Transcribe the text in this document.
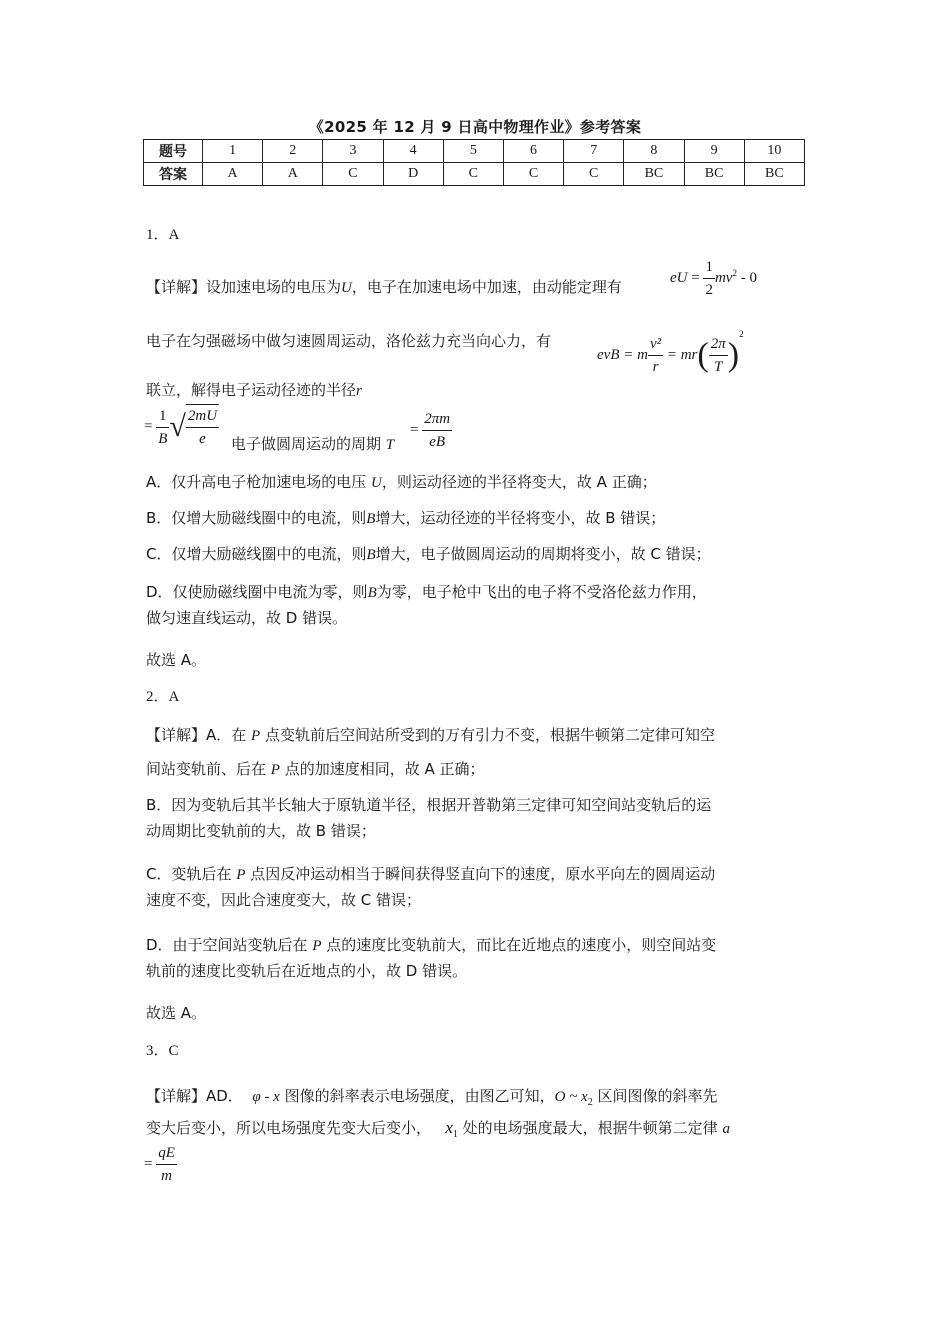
《2025 年 12 月 9 日高中物理作业》参考答案
题号	1	2	3	4	5	6	7	8	9	10
答案	A	A	C	D	C	C	C	BC	BC	BC
1．A
【详解】设加速电场的电压为U，电子在加速电场中加速，由动能定理有	eU = $\frac{1}{2} mv^2 - 0$
电子在匀强磁场中做匀速圆周运动，洛伦兹力充当向心力，有
evB = m $\frac{\text{v²}}{r} = mr( \frac{2\pi}{T} )^2$
联立，解得电子运动径迹的半径r
= $\frac{1}{B}$ √ $\frac{2mU}{e}$ 电子做圆周运动的周期 T
= $\frac{2\pi m}{eB}$
A．仅升高电子枪加速电场的电压 U，则运动径迹的半径将变大，故 A 正确；
B．仅增大励磁线圈中的电流，则B增大，运动径迹的半径将变小，故 B 错误；
C．仅增大励磁线圈中的电流，则B增大，电子做圆周运动的周期将变小，故 C 错误；
D．仅使励磁线圈中电流为零，则B为零，电子枪中飞出的电子将不受洛伦兹力作用，
做匀速直线运动，故 D 错误。
故选 A。
2．A
【详解】A．在 P 点变轨前后空间站所受到的万有引力不变，根据牛顿第二定律可知空
间站变轨前、后在 P 点的加速度相同，故 A 正确；
B．因为变轨后其半长轴大于原轨道半径，根据开普勒第三定律可知空间站变轨后的运
动周期比变轨前的大，故 B 错误；
C．变轨后在 P 点因反冲运动相当于瞬间获得竖直向下的速度，原水平向左的圆周运动
速度不变，因此合速度变大，故 C 错误；
D．由于空间站变轨后在 P 点的速度比变轨前大，而比在近地点的速度小，则空间站变
轨前的速度比变轨后在近地点的小，故 D 错误。
故选 A。
3．C
【详解】AD． φ - x 图像的斜率表示电场强度，由图乙可知，O ~ $x_2$ 区间图像的斜率先
变大后变小，所以电场强度先变大后变小， $x_1$ 处的电场强度最大，根据牛顿第二定律 a
= $\frac{qE}{m}$
